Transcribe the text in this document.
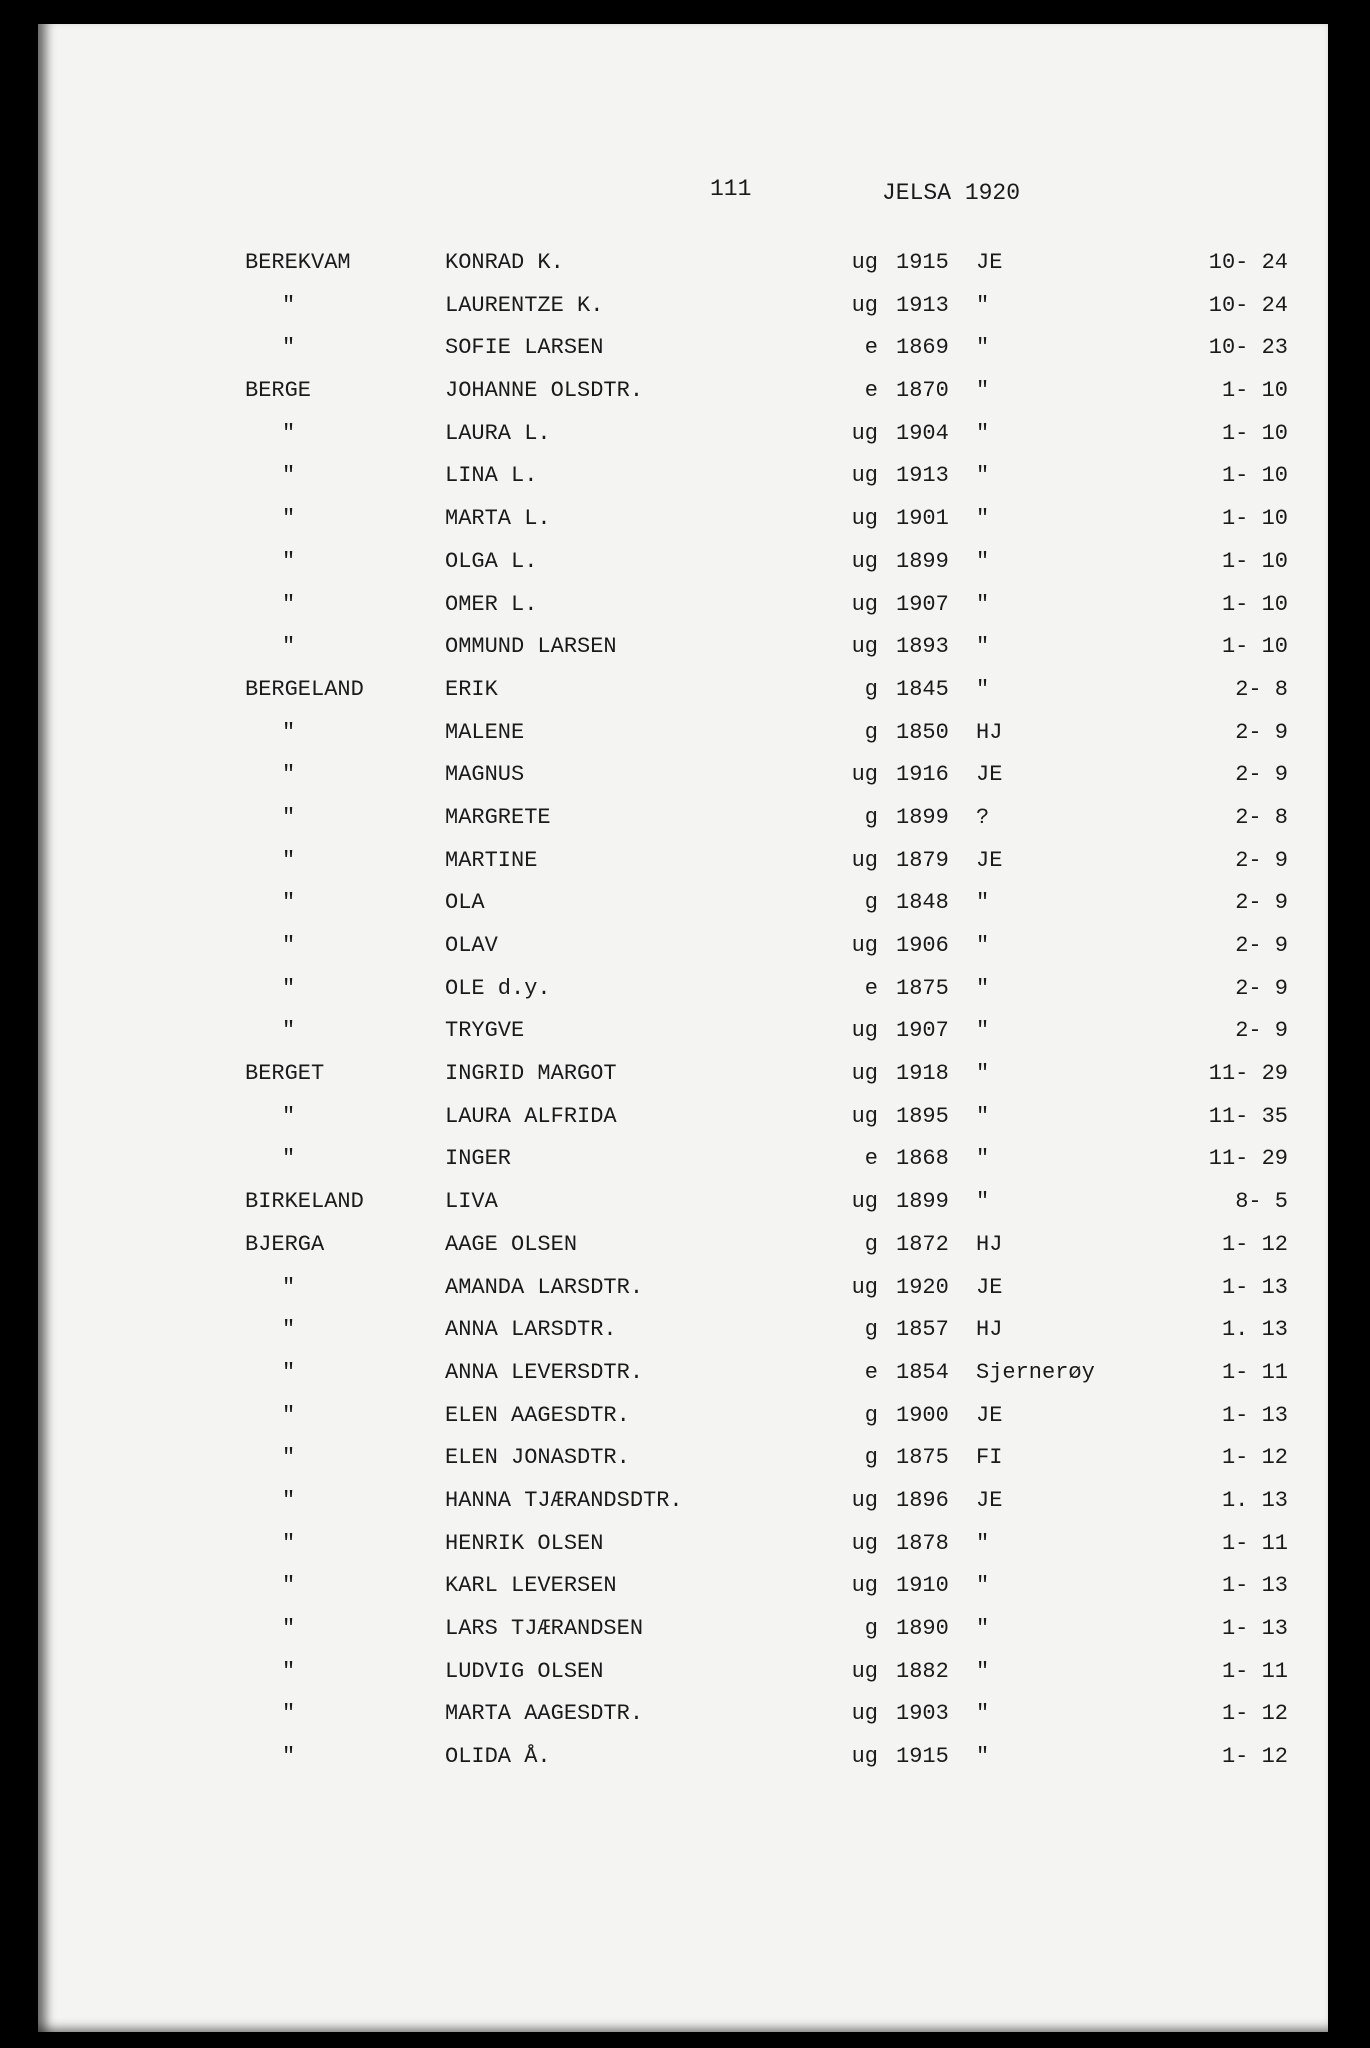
111	JELSA 1920
BEREKVAM	KONRAD K.	ug 1915 JE	10- 24
"	LAURENTZE K.	ug 1913 "	10- 24
"	SOFIE LARSEN	e 1869 "	10- 23
BERGE	JOHANNE OLSDTR.	e 1870 "	1- 10
"	LAURA L.	ug 1904 "	1- 10
"	LINA L.	ug 1913 "	1- 10
"	MARTA L.	ug 1901 "	1- 10
"	OLGA L.	ug 1899 "	1- 10
"	OMER L.	ug 1907 "	1- 10
"	OMMUND LARSEN	ug 1893 "	1- 10
BERGELAND	ERIK	g 1845 "	2- 8
"	MALENE	g 1850 HJ	2- 9
"	MAGNUS	ug 1916 JE	2- 9
"	MARGRETE	g 1899 ?	2- 8
"	MARTINE	ug 1879 JE	2- 9
"	OLA	g 1848 "	2- 9
"	OLAV	ug 1906 "	2- 9
"	OLE d.y.	e 1875 "	2- 9
"	TRYGVE	ug 1907 "	2- 9
BERGET	INGRID MARGOT	ug 1918 "	11- 29
"	LAURA ALFRIDA	ug 1895 "	11- 35
"	INGER	e 1868 "	11- 29
BIRKELAND	LIVA	ug 1899 "	8- 5
BJERGA	AAGE OLSEN	g 1872 HJ	1- 12
"	AMANDA LARSDTR.	ug 1920 JE	1- 13
"	ANNA LARSDTR.	g 1857 HJ	1. 13
"	ANNA LEVERSDTR.	e 1854 Sjernerøy	1- 11
"	ELEN AAGESDTR.	g 1900 JE	1- 13
"	ELEN JONASDTR.	g 1875 FI	1- 12
"	HANNA TJÆRANDSDTR.	ug 1896 JE	1. 13
"	HENRIK OLSEN	ug 1878 "	1- 11
"	KARL LEVERSEN	ug 1910 "	1- 13
"	LARS TJÆRANDSEN	g 1890 "	1- 13
"	LUDVIG OLSEN	ug 1882 "	1- 11
"	MARTA AAGESDTR.	ug 1903 "	1- 12
"	OLIDA Å.	ug 1915 "	1- 12
